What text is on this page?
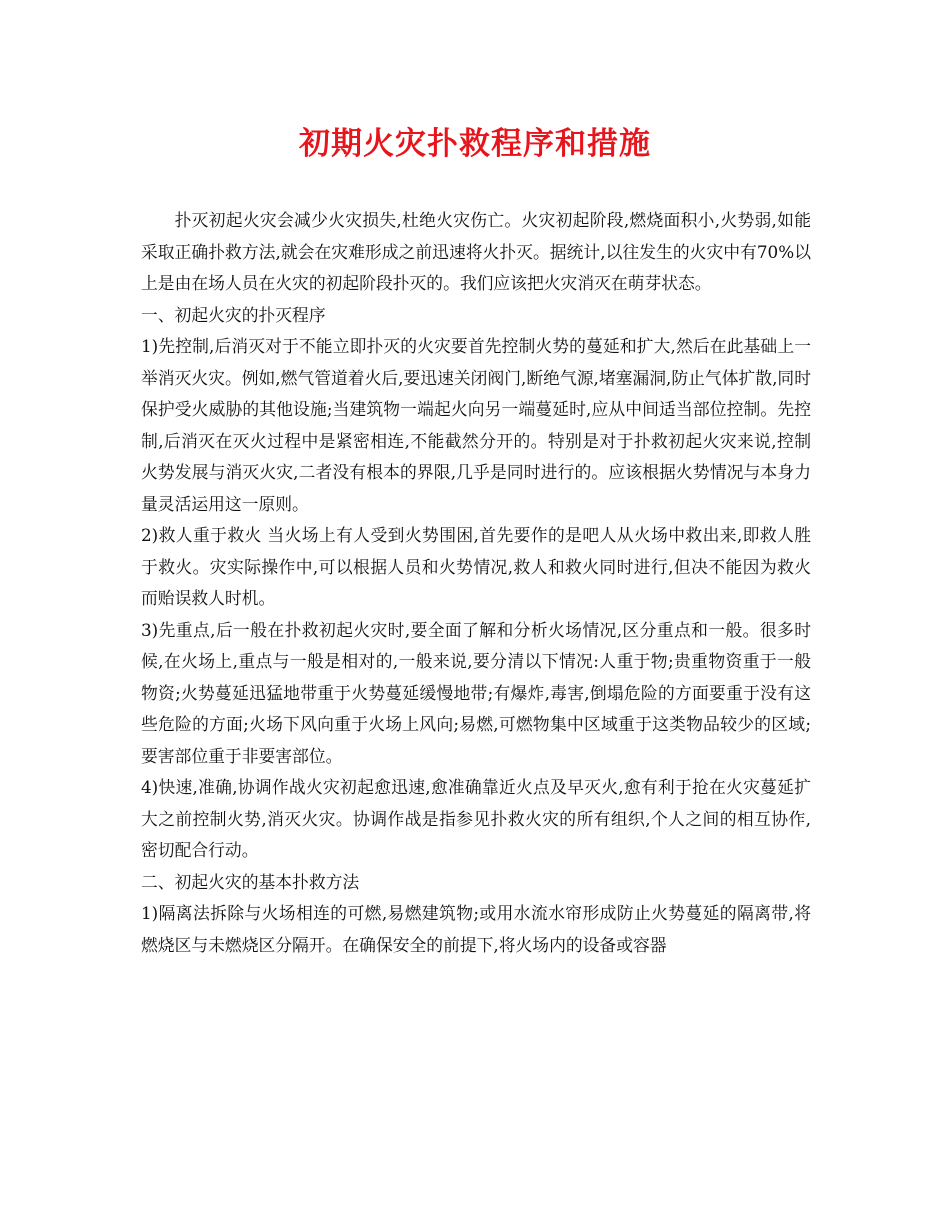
初期火灾扑救程序和措施

扑灭初起火灾会减少火灾损失,杜绝火灾伤亡。火灾初起阶段,燃烧面积小,火势弱,如能采取正确扑救方法,就会在灾难形成之前迅速将火扑灭。据统计,以往发生的火灾中有70%以上是由在场人员在火灾的初起阶段扑灭的。我们应该把火灾消灭在萌芽状态。

一、初起火灾的扑灭程序

1)先控制,后消灭对于不能立即扑灭的火灾要首先控制火势的蔓延和扩大,然后在此基础上一举消灭火灾。例如,燃气管道着火后,要迅速关闭阀门,断绝气源,堵塞漏洞,防止气体扩散,同时保护受火威胁的其他设施;当建筑物一端起火向另一端蔓延时,应从中间适当部位控制。先控制,后消灭在灭火过程中是紧密相连,不能截然分开的。特别是对于扑救初起火灾来说,控制火势发展与消灭火灾,二者没有根本的界限,几乎是同时进行的。应该根据火势情况与本身力量灵活运用这一原则。

2)救人重于救火 当火场上有人受到火势围困,首先要作的是吧人从火场中救出来,即救人胜于救火。灾实际操作中,可以根据人员和火势情况,救人和救火同时进行,但决不能因为救火而贻误救人时机。

3)先重点,后一般在扑救初起火灾时,要全面了解和分析火场情况,区分重点和一般。很多时候,在火场上,重点与一般是相对的,一般来说,要分清以下情况:人重于物;贵重物资重于一般物资;火势蔓延迅猛地带重于火势蔓延缓慢地带;有爆炸,毒害,倒塌危险的方面要重于没有这些危险的方面;火场下风向重于火场上风向;易燃,可燃物集中区域重于这类物品较少的区域;要害部位重于非要害部位。

4)快速,准确,协调作战火灾初起愈迅速,愈准确靠近火点及早灭火,愈有利于抢在火灾蔓延扩大之前控制火势,消灭火灾。协调作战是指参见扑救火灾的所有组织,个人之间的相互协作,密切配合行动。

二、初起火灾的基本扑救方法

1)隔离法拆除与火场相连的可燃,易燃建筑物;或用水流水帘形成防止火势蔓延的隔离带,将燃烧区与未燃烧区分隔开。在确保安全的前提下,将火场内的设备或容器
